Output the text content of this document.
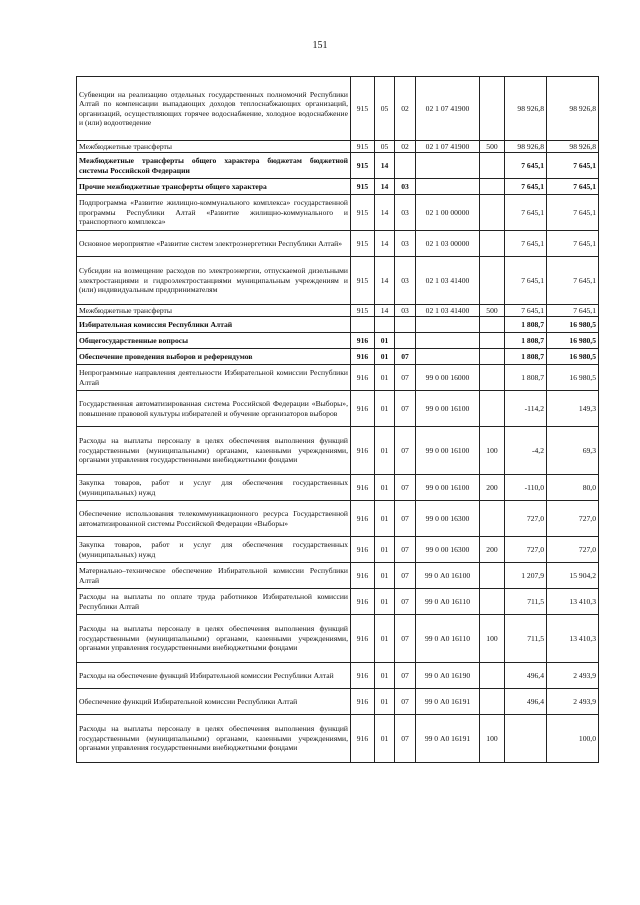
151
Субвенции на реализацию отдельных государственных полномочий Республики Алтай по компенсации выпадающих доходов теплоснабжающих организаций, организаций, осуществляющих горячее водоснабжение, холодное водоснабжение и (или) водоотведение	915	05	02	02 1 07 41900		98 926,8	98 926,8
Межбюджетные трансферты	915	05	02	02 1 07 41900	500	98 926,8	98 926,8
Межбюджетные трансферты общего характера бюджетам бюджетной системы Российской Федерации	915	14				7 645,1	7 645,1
Прочие межбюджетные трансферты общего характера	915	14	03			7 645,1	7 645,1
Подпрограмма «Развитие жилищно-коммунального комплекса» государственной программы Республики Алтай «Развитие жилищно-коммунального и транспортного комплекса»	915	14	03	02 1 00 00000		7 645,1	7 645,1
Основное мероприятие «Развитие систем электроэнергетики Республики Алтай»	915	14	03	02 1 03 00000		7 645,1	7 645,1
Субсидии на возмещение расходов по электроэнергии, отпускаемой дизельными электростанциями и гидроэлектростанциями муниципальным учреждениям и (или) индивидуальным предпринимателям	915	14	03	02 1 03 41400		7 645,1	7 645,1
Межбюджетные трансферты	915	14	03	02 1 03 41400	500	7 645,1	7 645,1
Избирательная комиссия Республики Алтай						1 808,7	16 980,5
Общегосударственные вопросы	916	01				1 808,7	16 980,5
Обеспечение проведения выборов и референдумов	916	01	07			1 808,7	16 980,5
Непрограммные направления деятельности Избирательной комиссии Республики Алтай	916	01	07	99 0 00 16000		1 808,7	16 980,5
Государственная автоматизированная система Российской Федерации «Выборы», повышение правовой культуры избирателей и обучение организаторов выборов	916	01	07	99 0 00 16100		-114,2	149,3
Расходы на выплаты персоналу в целях обеспечения выполнения функций государственными (муниципальными) органами, казенными учреждениями, органами управления государственными внебюджетными фондами	916	01	07	99 0 00 16100	100	-4,2	69,3
Закупка товаров, работ и услуг для обеспечения государственных (муниципальных) нужд	916	01	07	99 0 00 16100	200	-110,0	80,0
Обеспечение использования телекоммуникационного ресурса Государственной автоматизированной системы Российской Федерации «Выборы»	916	01	07	99 0 00 16300		727,0	727,0
Закупка товаров, работ и услуг для обеспечения государственных (муниципальных) нужд	916	01	07	99 0 00 16300	200	727,0	727,0
Материально–техническое обеспечение Избирательной комиссии Республики Алтай	916	01	07	99 0 А0 16100		1 207,9	15 904,2
Расходы на выплаты по оплате труда работников Избирательной комиссии Республики Алтай	916	01	07	99 0 А0 16110		711,5	13 410,3
Расходы на выплаты персоналу в целях обеспечения выполнения функций государственными (муниципальными) органами, казенными учреждениями, органами управления государственными внебюджетными фондами	916	01	07	99 0 А0 16110	100	711,5	13 410,3
Расходы на обеспечение функций Избирательной комиссии Республики Алтай	916	01	07	99 0 А0 16190		496,4	2 493,9
Обеспечение функций Избирательной комиссии Республики Алтай	916	01	07	99 0 А0 16191		496,4	2 493,9
Расходы на выплаты персоналу в целях обеспечения выполнения функций государственными (муниципальными) органами, казенными учреждениями, органами управления государственными внебюджетными фондами	916	01	07	99 0 А0 16191	100		100,0
